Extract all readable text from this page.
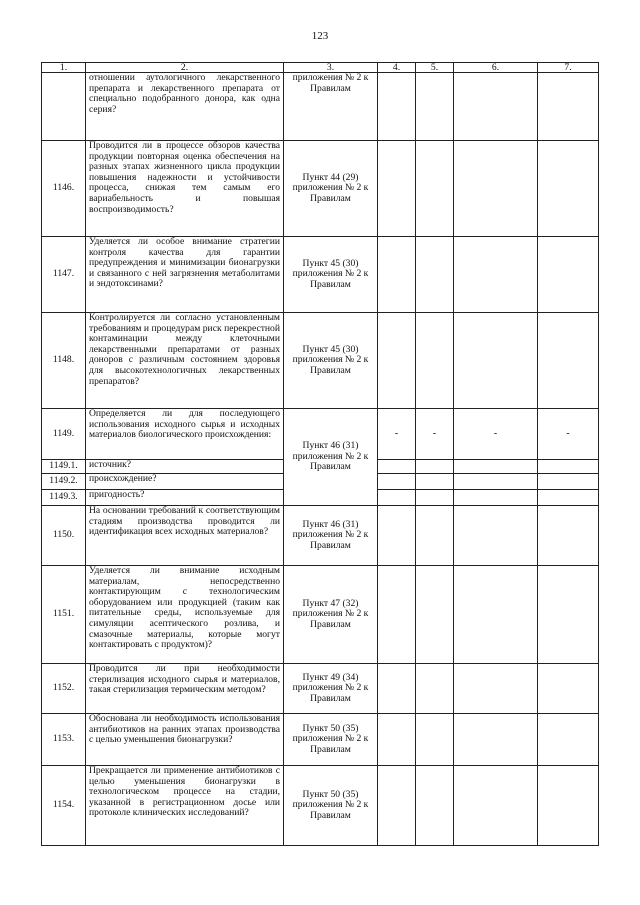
123
1.	2.	3.	4.	5.	6.	7.
	отношении аутологичного лекарственного препарата и лекарственного препарата от специально подобранного донора, как одна серия?	приложения № 2 к Правилам				
1146.	Проводится ли в процессе обзоров качества продукции повторная оценка обеспечения на разных этапах жизненного цикла продукции повышения надежности и устойчивости процесса, снижая тем самым его вариабельность и повышая воспроизводимость?	Пункт 44 (29) приложения № 2 к Правилам				
1147.	Уделяется ли особое внимание стратегии контроля качества для гарантии предупреждения и минимизации бионагрузки и связанного с ней загрязнения метаболитами и эндотоксинами?	Пункт 45 (30) приложения № 2 к Правилам				
1148.	Контролируется ли согласно установленным требованиям и процедурам риск перекрестной контаминации между клеточными лекарственными препаратами от разных доноров с различным состоянием здоровья для высокотехнологичных лекарственных препаратов?	Пункт 45 (30) приложения № 2 к Правилам				
1149.	Определяется ли для последующего использования исходного сырья и исходных материалов биологического происхождения:	Пункт 46 (31) приложения № 2 к Правилам	-	-	-	-
1149.1.	источник?					
1149.2.	происхождение?					
1149.3.	пригодность?					
1150.	На основании требований к соответствующим стадиям производства проводится ли идентификация всех исходных материалов?	Пункт 46 (31) приложения № 2 к Правилам				
1151.	Уделяется ли внимание исходным материалам, непосредственно контактирующим с технологическим оборудованием или продукцией (таким как питательные среды, используемые для симуляции асептического розлива, и смазочные материалы, которые могут контактировать с продуктом)?	Пункт 47 (32) приложения № 2 к Правилам				
1152.	Проводится ли при необходимости стерилизация исходного сырья и материалов, такая стерилизация термическим методом?	Пункт 49 (34) приложения № 2 к Правилам				
1153.	Обоснована ли необходимость использования антибиотиков на ранних этапах производства с целью уменьшения бионагрузки?	Пункт 50 (35) приложения № 2 к Правилам				
1154.	Прекращается ли применение антибиотиков с целью уменьшения бионагрузки в технологическом процессе на стадии, указанной в регистрационном досье или протоколе клинических исследований?	Пункт 50 (35) приложения № 2 к Правилам				
